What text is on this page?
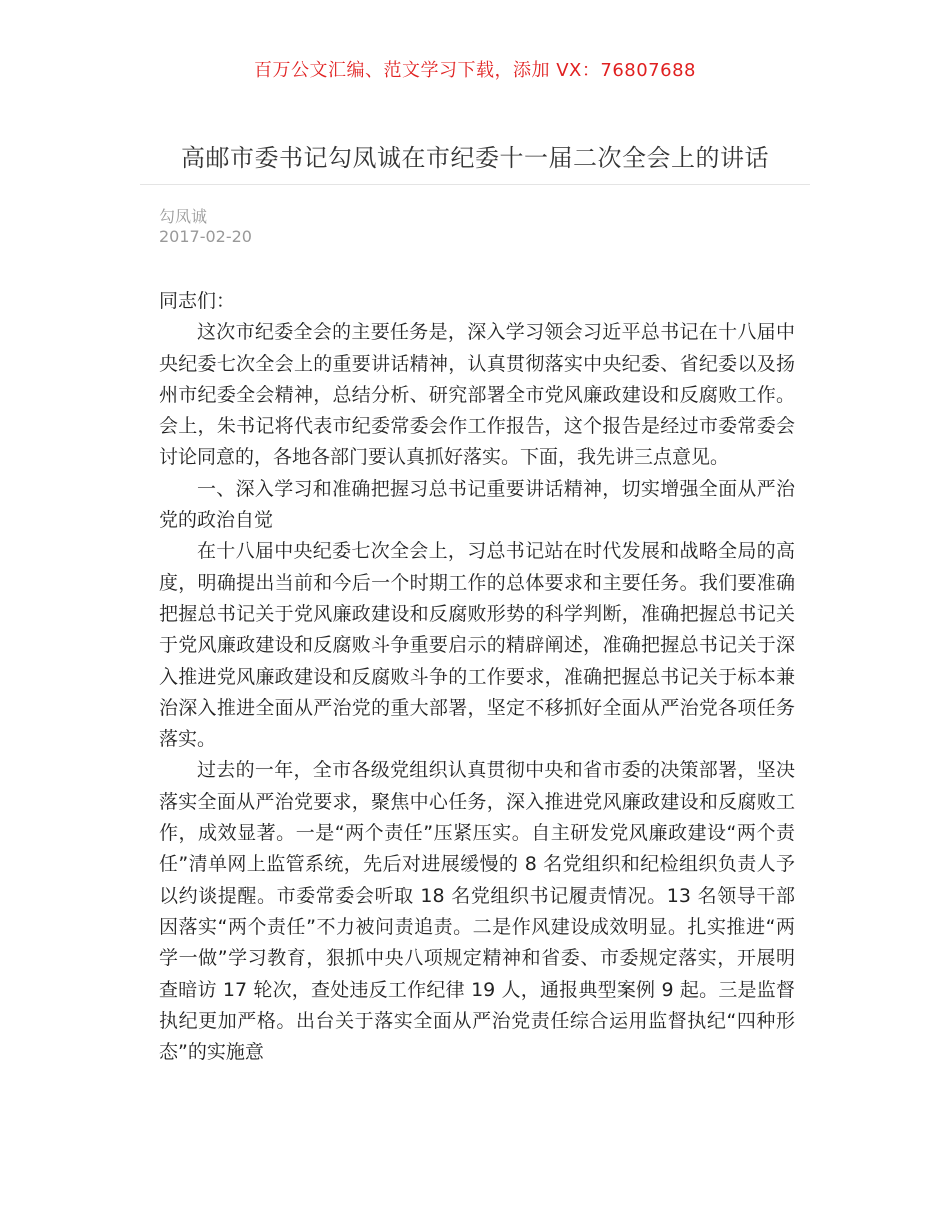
百万公文汇编、范文学习下载，添加 VX：76807688
高邮市委书记勾凤诚在市纪委十一届二次全会上的讲话
勾凤诚
2017-02-20

同志们：

这次市纪委全会的主要任务是，深入学习领会习近平总书记在十八届中央纪委七次全会上的重要讲话精神，认真贯彻落实中央纪委、省纪委以及扬州市纪委全会精神，总结分析、研究部署全市党风廉政建设和反腐败工作。会上，朱书记将代表市纪委常委会作工作报告，这个报告是经过市委常委会讨论同意的，各地各部门要认真抓好落实。下面，我先讲三点意见。

一、深入学习和准确把握习总书记重要讲话精神，切实增强全面从严治党的政治自觉

在十八届中央纪委七次全会上，习总书记站在时代发展和战略全局的高度，明确提出当前和今后一个时期工作的总体要求和主要任务。我们要准确把握总书记关于党风廉政建设和反腐败形势的科学判断，准确把握总书记关于党风廉政建设和反腐败斗争重要启示的精辟阐述，准确把握总书记关于深入推进党风廉政建设和反腐败斗争的工作要求，准确把握总书记关于标本兼治深入推进全面从严治党的重大部署，坚定不移抓好全面从严治党各项任务落实。

过去的一年，全市各级党组织认真贯彻中央和省市委的决策部署，坚决落实全面从严治党要求，聚焦中心任务，深入推进党风廉政建设和反腐败工作，成效显著。一是“两个责任”压紧压实。自主研发党风廉政建设“两个责任”清单网上监管系统，先后对进展缓慢的 8 名党组织和纪检组织负责人予以约谈提醒。市委常委会听取 18 名党组织书记履责情况。13 名领导干部因落实“两个责任”不力被问责追责。二是作风建设成效明显。扎实推进“两学一做”学习教育，狠抓中央八项规定精神和省委、市委规定落实，开展明查暗访 17 轮次，查处违反工作纪律 19 人，通报典型案例 9 起。三是监督执纪更加严格。出台关于落实全面从严治党责任综合运用监督执纪“四种形态”的实施意
